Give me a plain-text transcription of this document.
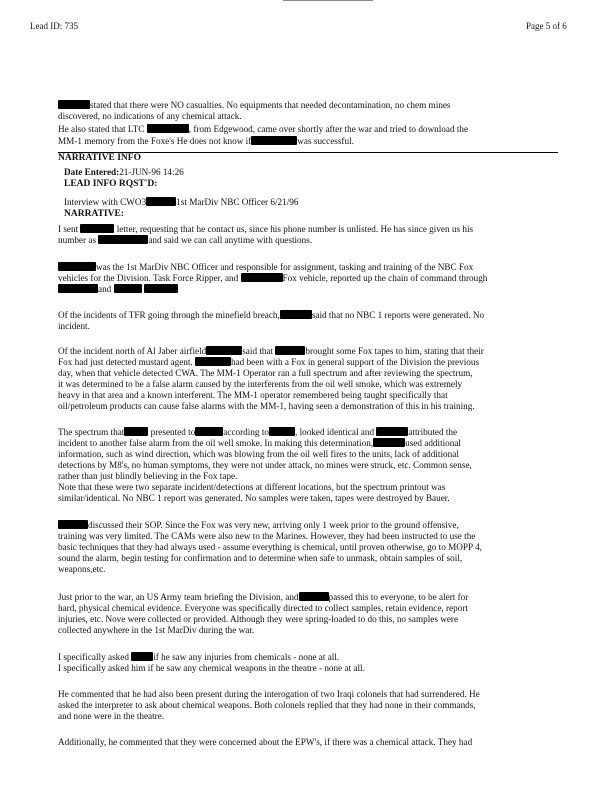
Lead ID: 735	Page 5 of 6
stated that there were NO casualties. No equipments that needed decontamination, no chem mines
discovered, no indications of any chemical attack.
He also stated that LTC	, from Edgewood, came over shortly after the war and tried to download the
MM-1 memory from the Foxe's He does not know if	was successful.
NARRATIVE INFO
Date Entered:21-JUN-96 14:26
LEAD INFO RQST'D:
Interview with CWO3	1st MarDiv NBC Officer 6/21/96
NARRATIVE:
I sent	letter, requesting that he contact us, since his phone number is unlisted. He has since given us his
number as	and said we can call anytime with questions.
was the 1st MarDiv NBC Officer and responsible for assignment, tasking and training of the NBC Fox
vehicles for the Division. Task Force Ripper, and	Fox vehicle, reported up the chain of command through
and
Of the incidents of TFR going through the minefield breach,	said that no NBC 1 reports were generated. No
incident.
Of the incident north of Al Jaber airfield	said that	brought some Fox tapes to him, stating that their
Fox had just detected mustard agent.	had been with a Fox in general support of the Division the previous
day, when that vehicle detected CWA. The MM-1 Operator ran a full spectrum and after reviewing the spectrum,
it was determined to be a false alarm caused by the interferents from the oil well smoke, which was extremely
heavy in that area and a known interferent. The MM-1 operator remembered being taught specifically that
oil/petroleum products can cause false alarms with the MM-1, having seen a demonstration of this in his training.
The spectrum that	presented to	according to	, looked identical and	attributed the
incident to another false alarm from the oil well smoke. In making this determination,	used additional
information, such as wind direction, which was blowing from the oil well fires to the units, lack of additional
detections by M8's, no human symptoms, they were not under attack, no mines were struck, etc. Common sense,
rather than just blindly believing in the Fox tape.
Note that these were two separate incident/detections at different locations, but the spectrum printout was
similar/identical. No NBC 1 report was generated. No samples were taken, tapes were destroyed by Bauer.
discussed their SOP. Since the Fox was very new, arriving only 1 week prior to the ground offensive,
training was very limited. The CAMs were also new to the Marines. However, they had been instructed to use the
basic techniques that they had always used - assume everything is chemical, until proven otherwise, go to MOPP 4,
sound the alarm, begin testing for confirmation and to determine when safe to unmask, obtain samples of soil,
weapons,etc.
Just prior to the war, an US Army team briefing the Division, and	passed this to everyone, to be alert for
hard, physical chemical evidence. Everyone was specifically directed to collect samples, retain evidence, report
injuries, etc. Nove were collected or provided. Although they were spring-loaded to do this, no samples were
collected anywhere in the 1st MarDiv during the war.
I specifically asked	if he saw any injuries from chemicals - none at all.
I specifically asked him if he saw any chemical weapons in the theatre - none at all.
He commented that he had also been present during the interogation of two Iraqi colonels that had surrendered. He
asked the interpreter to ask about chemical weapons. Both colonels replied that they had none in their commands,
and none were in the theatre.
Additionally, he commented that they were concerned about the EPW's, if there was a chemical attack. They had
